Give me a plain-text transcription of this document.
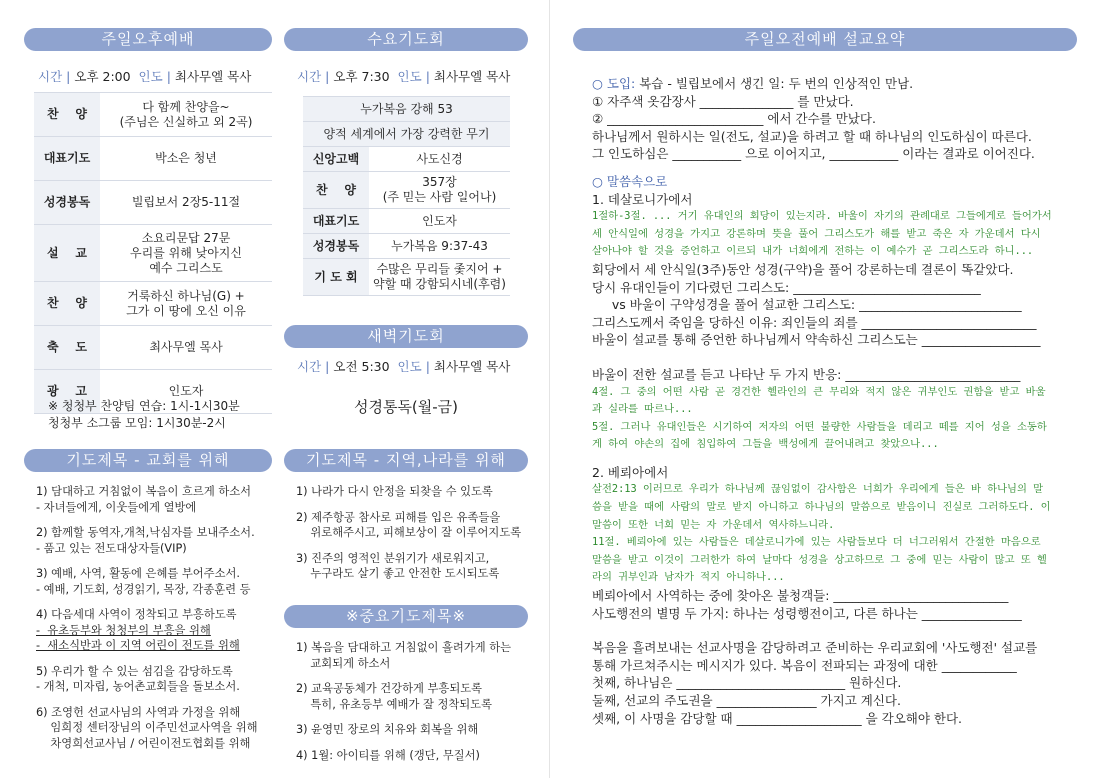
주일오후예배
시간 | 오후 2:00 인도 | 최사무엘 목사
찬    양	다 함께 찬양을~
(주님은 신실하고 외 2곡)

대표기도	박소은 청년

성경봉독	빌립보서 2장5-11절

설    교	소요리문답 27문
우리를 위해 낮아지신
예수 그리스도

찬    양	거룩하신 하나님(G) +
그가 이 땅에 오신 이유

축    도	최사무엘 목사

광    고	인도자
※ 청청부 찬양팀 연습: 1시-1시30분
청청부 소그룹 모임: 1시30분-2시
기도제목 - 교회를 위해
1) 담대하고 거침없이 복음이 흐르게 하소서
- 자녀들에게, 이웃들에게 열방에
2) 함께할 동역자,개척,낙심자를 보내주소서.
- 품고 있는 전도대상자들(VIP)
3) 예배, 사역, 활동에 은혜를 부어주소서.
- 예배, 기도회, 성경읽기, 목장, 각종훈련 등
4) 다음세대 사역이 정착되고 부흥하도록
-  유초등부와 청청부의 부흥을 위해
-  새소식반과 이 지역 어린이 전도를 위해
5) 우리가 할 수 있는 섬김을 감당하도록
- 개척, 미자립, 농어촌교회들을 돌보소서.
6) 조영헌 선교사님의 사역과 가정을 위해
임희정 센터장님의 이주민선교사역을 위해
차영희선교사님 / 어린이전도협회를 위해
수요기도회
시간 | 오후 7:30 인도 | 최사무엘 목사
누가복음 강해 53	
양적 세계에서 가장 강력한 무기	
신앙고백	사도신경

찬    양	357장
(주 믿는 사람 일어나)

대표기도	인도자

성경봉독	누가복음 9:37-43

기 도 회	수많은 무리들 좇지어 +
약할 때 강함되시네(후렴)
새벽기도회
시간 | 오전 5:30 인도 | 최사무엘 목사
성경통독(월-금)
기도제목 - 지역,나라를 위해
1) 나라가 다시 안정을 되찾을 수 있도록
2) 제주항공 참사로 피해를 입은 유족들을
위로해주시고, 피해보상이 잘 이루어지도록
3) 진주의 영적인 분위기가 새로워지고,
누구라도 살기 좋고 안전한 도시되도록
※중요기도제목※
1) 복음을 담대하고 거침없이 흘려가게 하는
교회되게 하소서
2) 교육공동체가 건강하게 부흥되도록
특히, 유초등부 예배가 잘 정착되도록
3) 윤영민 장로의 치유와 회복을 위해
4) 1월: 아이티를 위해 (갱단, 무질서)
주일오전예배 설교요약
○ 도입: 복습 - 빌립보에서 생긴 일: 두 번의 인상적인 만남.
① 자주색 옷감장사 _______________ 를 만났다.
② _________________________ 에서 간수를 만났다.
하나님께서 원하시는 일(전도, 설교)을 하려고 할 때 하나님의 인도하심이 따른다.
그 인도하심은 ___________ 으로 이어지고, ___________ 이라는 결과로 이어진다.
○ 말씀속으로
1. 데살로니가에서
1절하-3절. ... 거기 유대인의 회당이 있는지라. 바울이 자기의 관례대로 그들에게로 들어가서 세 안식일에 성경을 가지고 강론하며 뜻을 풀어 그리스도가 해를 받고 죽은 자 가운데서 다시 살아나야 할 것을 증언하고 이르되 내가 너희에게 전하는 이 예수가 곧 그리스도라 하니...
회당에서 세 안식일(3주)동안 성경(구약)을 풀어 강론하는데 결론이 똑같았다.
당시 유대인들이 기다렸던 그리스도: ______________________________
vs 바울이 구약성경을 풀어 설교한 그리스도: __________________________
그리스도께서 죽임을 당하신 이유: 죄인들의 죄를 ____________________________
바울이 설교를 통해 증언한 하나님께서 약속하신 그리스도는 ___________________
바울이 전한 설교를 듣고 나타난 두 가지 반응: ____________________________
4절. 그 중의 어떤 사람 곧 경건한 헬라인의 큰 무리와 적지 않은 귀부인도 권함을 받고 바울과 실라를 따르나...
5절. 그러나 유대인들은 시기하여 저자의 어떤 불량한 사람들을 데리고 떼를 지어 성을 소동하게 하여 야손의 집에 침입하여 그들을 백성에게 끌어내려고 찾았으나...
2. 베뢰아에서
살전2:13 이러므로 우리가 하나님께 끊임없이 감사함은 너희가 우리에게 들은 바 하나님의 말씀을 받을 때에 사람의 말로 받지 아니하고 하나님의 말씀으로 받음이니 진실로 그러하도다. 이 말씀이 또한 너희 믿는 자 가운데서 역사하느니라.
11절. 베뢰아에 있는 사람들은 데살로니가에 있는 사람들보다 더 너그러워서 간절한 마음으로 말씀을 받고 이것이 그러한가 하여 날마다 성경을 상고하므로 그 중에 믿는 사람이 많고 또 헬라의 귀부인과 남자가 적지 아니하나...
베뢰아에서 사역하는 중에 찾아온 불청객들: ____________________________
사도행전의 별명 두 가지: 하나는 성령행전이고, 다른 하나는 ________________
복음을 흘려보내는 선교사명을 감당하려고 준비하는 우리교회에 '사도행전' 설교를
통해 가르쳐주시는 메시지가 있다. 복음이 전파되는 과정에 대한 ____________
첫째, 하나님은 ___________________________ 원하신다.
둘째, 선교의 주도권을 ________________ 가지고 계신다.
셋째, 이 사명을 감당할 때 ____________________ 을 각오해야 한다.
